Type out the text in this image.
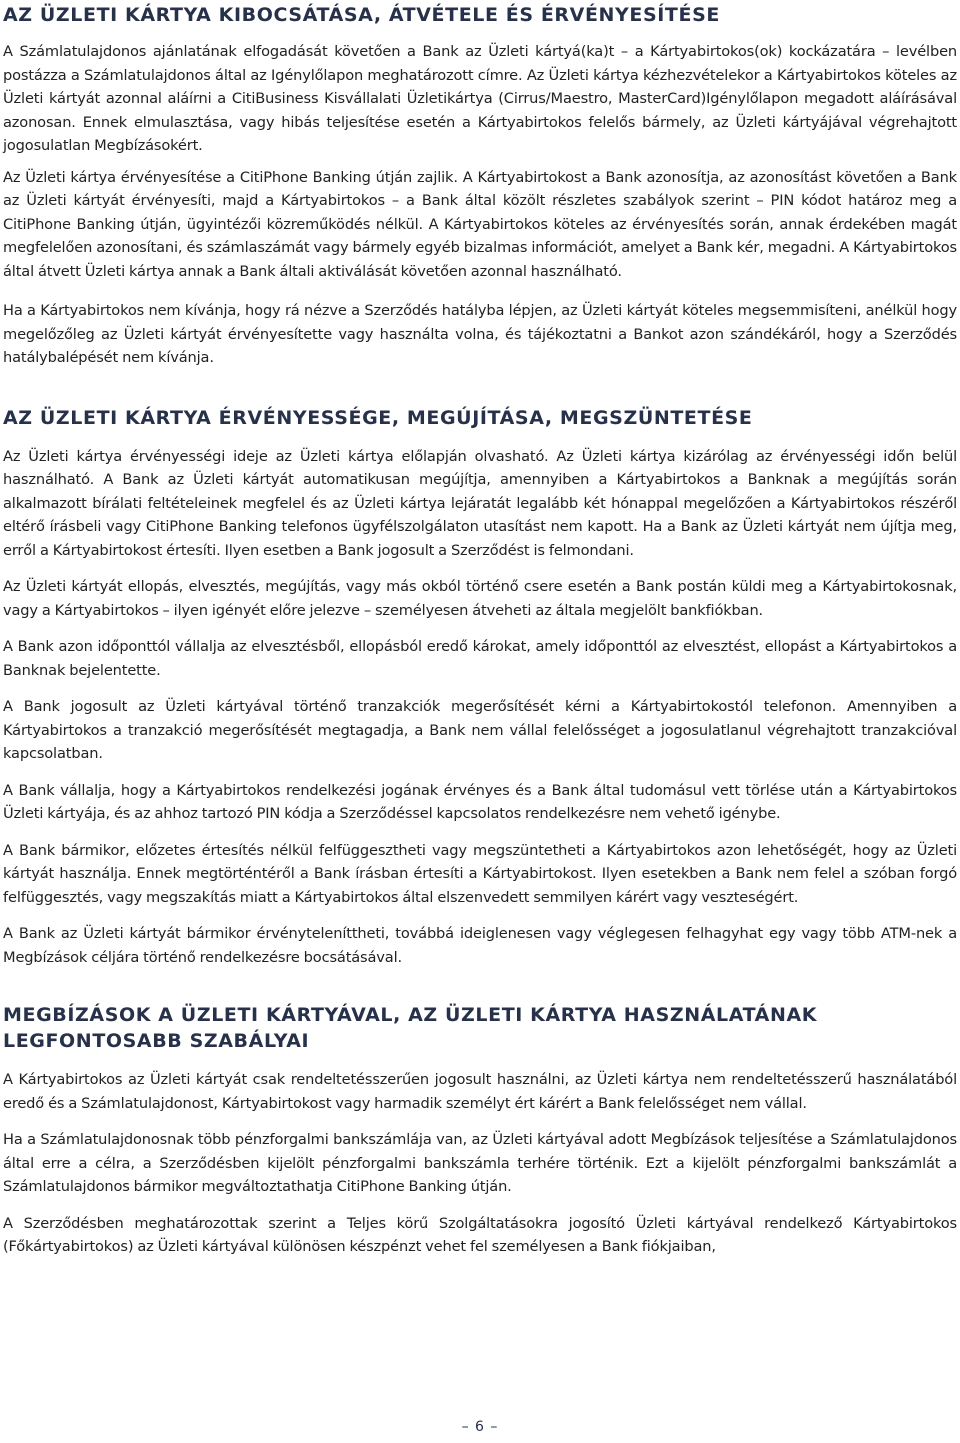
AZ ÜZLETI KÁRTYA KIBOCSÁTÁSA, ÁTVÉTELE ÉS ÉRVÉNYESÍTÉSE

A Számlatulajdonos ajánlatának elfogadását követően a Bank az Üzleti kártyá(ka)t – a Kártyabirtokos(ok) kockázatára – levélben postázza a Számlatulajdonos által az Igénylőlapon meghatározott címre. Az Üzleti kártya kézhezvételekor a Kártyabirtokos köteles az Üzleti kártyát azonnal aláírni a CitiBusiness Kisvállalati Üzletikártya (Cirrus/Maestro, MasterCard)Igénylőlapon megadott aláírásával azonosan. Ennek elmulasztása, vagy hibás teljesítése esetén a Kártyabirtokos felelős bármely, az Üzleti kártyájával végrehajtott jogosulatlan Megbízásokért.

Az Üzleti kártya érvényesítése a CitiPhone Banking útján zajlik. A Kártyabirtokost a Bank azonosítja, az azonosítást követően a Bank az Üzleti kártyát érvényesíti, majd a Kártyabirtokos – a Bank által közölt részletes szabályok szerint – PIN kódot határoz meg a CitiPhone Banking útján, ügyintézői közreműködés nélkül. A Kártyabirtokos köteles az érvényesítés során, annak érdekében magát megfelelően azonosítani, és számlaszámát vagy bármely egyéb bizalmas információt, amelyet a Bank kér, megadni. A Kártyabirtokos által átvett Üzleti kártya annak a Bank általi aktiválását követően azonnal használható.

Ha a Kártyabirtokos nem kívánja, hogy rá nézve a Szerződés hatályba lépjen, az Üzleti kártyát köteles megsemmisíteni, anélkül hogy megelőzőleg az Üzleti kártyát érvényesítette vagy használta volna, és tájékoztatni a Bankot azon szándékáról, hogy a Szerződés hatálybalépését nem kívánja.

AZ ÜZLETI KÁRTYA ÉRVÉNYESSÉGE, MEGÚJÍTÁSA, MEGSZÜNTETÉSE

Az Üzleti kártya érvényességi ideje az Üzleti kártya előlapján olvasható. Az Üzleti kártya kizárólag az érvényességi időn belül használható. A Bank az Üzleti kártyát automatikusan megújítja, amennyiben a Kártyabirtokos a Banknak a megújítás során alkalmazott bírálati feltételeinek megfelel és az Üzleti kártya lejáratát legalább két hónappal megelőzően a Kártyabirtokos részéről eltérő írásbeli vagy CitiPhone Banking telefonos ügyfélszolgálaton utasítást nem kapott. Ha a Bank az Üzleti kártyát nem újítja meg, erről a Kártyabirtokost értesíti. Ilyen esetben a Bank jogosult a Szerződést is felmondani.

Az Üzleti kártyát ellopás, elvesztés, megújítás, vagy más okból történő csere esetén a Bank postán küldi meg a Kártyabirtokosnak, vagy a Kártyabirtokos – ilyen igényét előre jelezve – személyesen átveheti az általa megjelölt bankfiókban.

A Bank azon időponttól vállalja az elvesztésből, ellopásból eredő károkat, amely időponttól az elvesztést, ellopást a Kártyabirtokos a Banknak bejelentette.

A Bank jogosult az Üzleti kártyával történő tranzakciók megerősítését kérni a Kártyabirtokostól telefonon. Amennyiben a Kártyabirtokos a tranzakció megerősítését megtagadja, a Bank nem vállal felelősséget a jogosulatlanul végrehajtott tranzakcióval kapcsolatban.

A Bank vállalja, hogy a Kártyabirtokos rendelkezési jogának érvényes és a Bank által tudomásul vett törlése után a Kártyabirtokos Üzleti kártyája, és az ahhoz tartozó PIN kódja a Szerződéssel kapcsolatos rendelkezésre nem vehető igénybe.

A Bank bármikor, előzetes értesítés nélkül felfüggesztheti vagy megszüntetheti a Kártyabirtokos azon lehetőségét, hogy az Üzleti kártyát használja. Ennek megtörténtéről a Bank írásban értesíti a Kártyabirtokost. Ilyen esetekben a Bank nem felel a szóban forgó felfüggesztés, vagy megszakítás miatt a Kártyabirtokos által elszenvedett semmilyen kárért vagy veszteségért.

A Bank az Üzleti kártyát bármikor érvényteleníttheti, továbbá ideiglenesen vagy véglegesen felhagyhat egy vagy több ATM-nek a Megbízások céljára történő rendelkezésre bocsátásával.

MEGBÍZÁSOK A ÜZLETI KÁRTYÁVAL, AZ ÜZLETI KÁRTYA HASZNÁLATÁNAK
LEGFONTOSABB SZABÁLYAI

A Kártyabirtokos az Üzleti kártyát csak rendeltetésszerűen jogosult használni, az Üzleti kártya nem rendeltetésszerű használatából eredő és a Számlatulajdonost, Kártyabirtokost vagy harmadik személyt ért kárért a Bank felelősséget nem vállal.

Ha a Számlatulajdonosnak több pénzforgalmi bankszámlája van, az Üzleti kártyával adott Megbízások teljesítése a Számlatulajdonos által erre a célra, a Szerződésben kijelölt pénzforgalmi bankszámla terhére történik. Ezt a kijelölt pénzforgalmi bankszámlát a Számlatulajdonos bármikor megváltoztathatja CitiPhone Banking útján.

A Szerződésben meghatározottak szerint a Teljes körű Szolgáltatásokra jogosító Üzleti kártyával rendelkező Kártyabirtokos (Főkártyabirtokos) az Üzleti kártyával különösen készpénzt vehet fel személyesen a Bank fiókjaiban,

– 6 –
